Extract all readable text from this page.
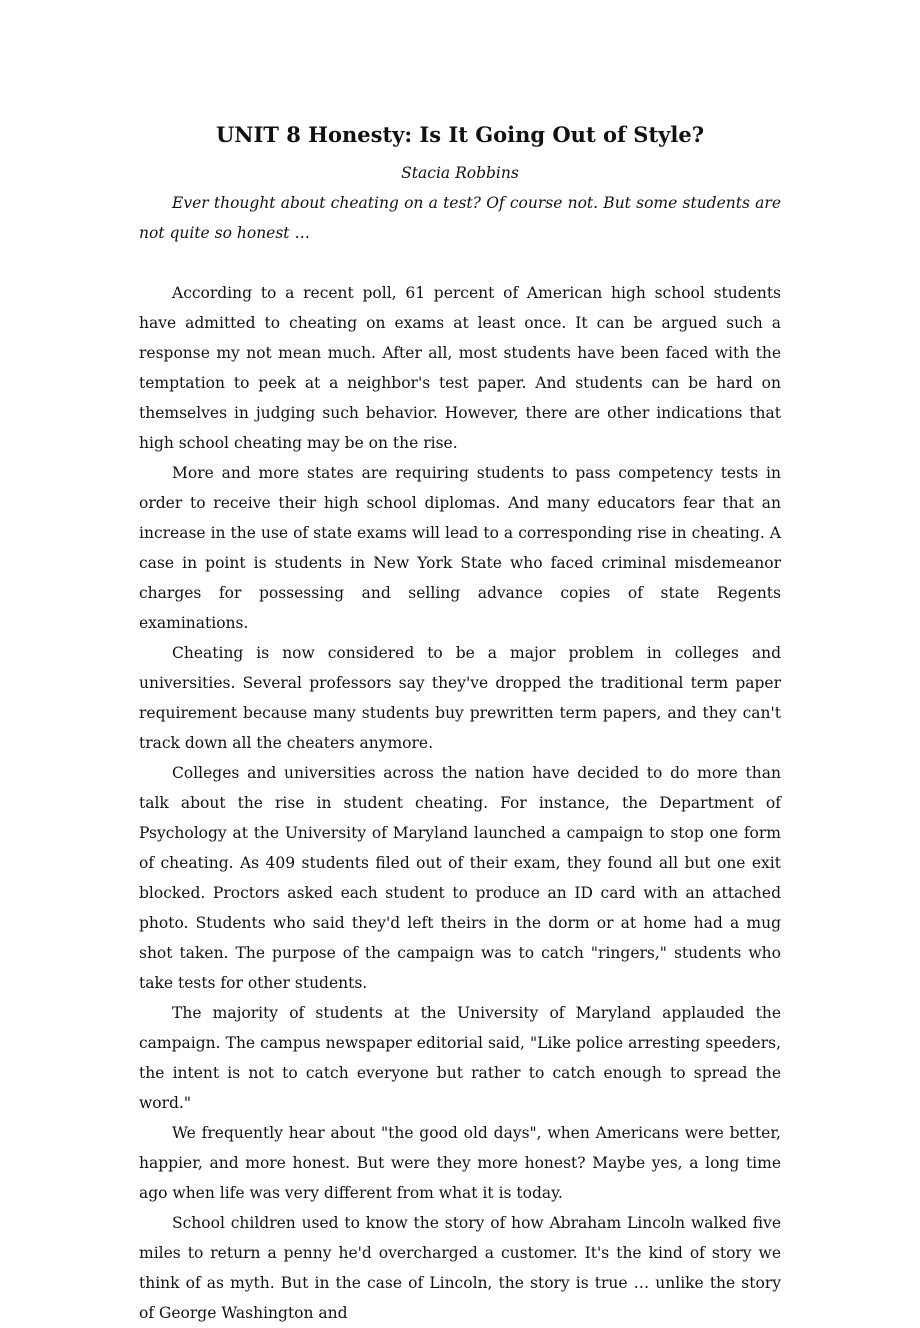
UNIT 8 Honesty: Is It Going Out of Style?

Stacia Robbins

Ever thought about cheating on a test? Of course not. But some students are not quite so honest …

According to a recent poll, 61 percent of American high school students have admitted to cheating on exams at least once. It can be argued such a response my not mean much. After all, most students have been faced with the temptation to peek at a neighbor's test paper. And students can be hard on themselves in judging such behavior. However, there are other indications that high school cheating may be on the rise.

More and more states are requiring students to pass competency tests in order to receive their high school diplomas. And many educators fear that an increase in the use of state exams will lead to a corresponding rise in cheating. A case in point is students in New York State who faced criminal misdemeanor charges for possessing and selling advance copies of state Regents examinations.

Cheating is now considered to be a major problem in colleges and universities. Several professors say they've dropped the traditional term paper requirement because many students buy prewritten term papers, and they can't track down all the cheaters anymore.

Colleges and universities across the nation have decided to do more than talk about the rise in student cheating. For instance, the Department of Psychology at the University of Maryland launched a campaign to stop one form of cheating. As 409 students filed out of their exam, they found all but one exit blocked. Proctors asked each student to produce an ID card with an attached photo. Students who said they'd left theirs in the dorm or at home had a mug shot taken. The purpose of the campaign was to catch "ringers," students who take tests for other students.

The majority of students at the University of Maryland applauded the campaign. The campus newspaper editorial said, "Like police arresting speeders, the intent is not to catch everyone but rather to catch enough to spread the word."

We frequently hear about "the good old days", when Americans were better, happier, and more honest. But were they more honest? Maybe yes, a long time ago when life was very different from what it is today.

School children used to know the story of how Abraham Lincoln walked five miles to return a penny he'd overcharged a customer. It's the kind of story we think of as myth. But in the case of Lincoln, the story is true … unlike the story of George Washington and
